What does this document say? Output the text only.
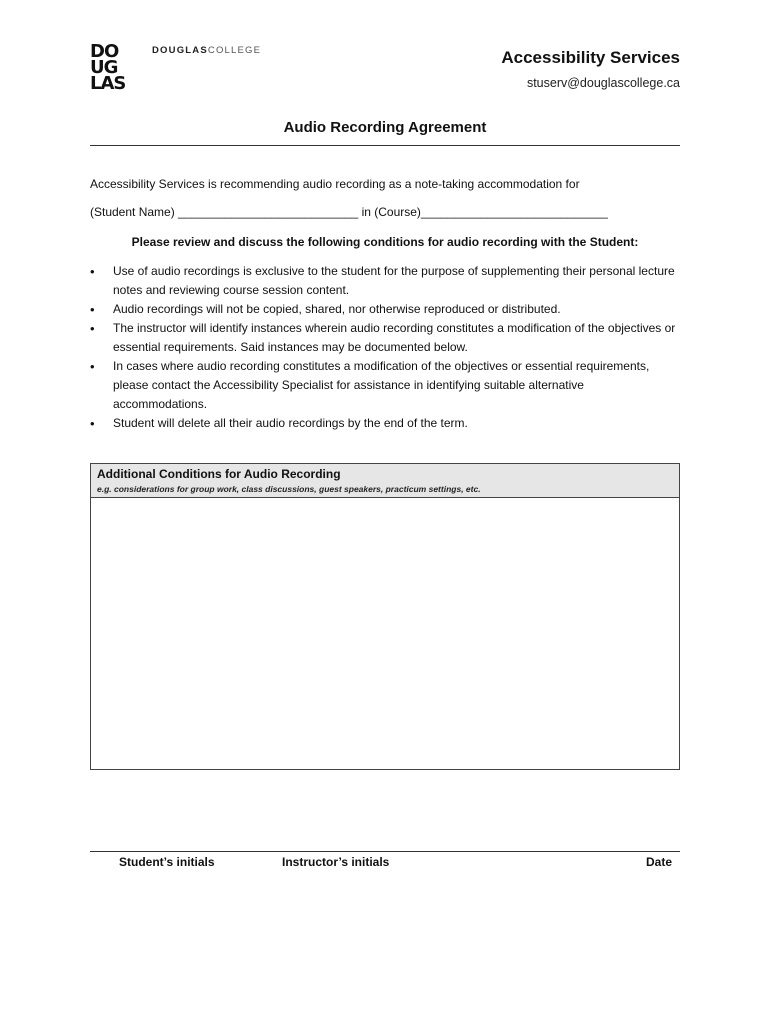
DO
UG
LAS
DOUGLASCOLLEGE	Accessibility Services
stuserv@douglascollege.ca
Audio Recording Agreement
Accessibility Services is recommending audio recording as a note-taking accommodation for
(Student Name) ___________________________ in (Course)____________________________
Please review and discuss the following conditions for audio recording with the Student:
• Use of audio recordings is exclusive to the student for the purpose of supplementing their personal lecture notes and reviewing course session content.
• Audio recordings will not be copied, shared, nor otherwise reproduced or distributed.
• The instructor will identify instances wherein audio recording constitutes a modification of the objectives or essential requirements. Said instances may be documented below.
• In cases where audio recording constitutes a modification of the objectives or essential requirements, please contact the Accessibility Specialist for assistance in identifying suitable alternative accommodations.
• Student will delete all their audio recordings by the end of the term.
Additional Conditions for Audio Recording
e.g. considerations for group work, class discussions, guest speakers, practicum settings, etc.
Student’s initials	Instructor’s initials	Date
